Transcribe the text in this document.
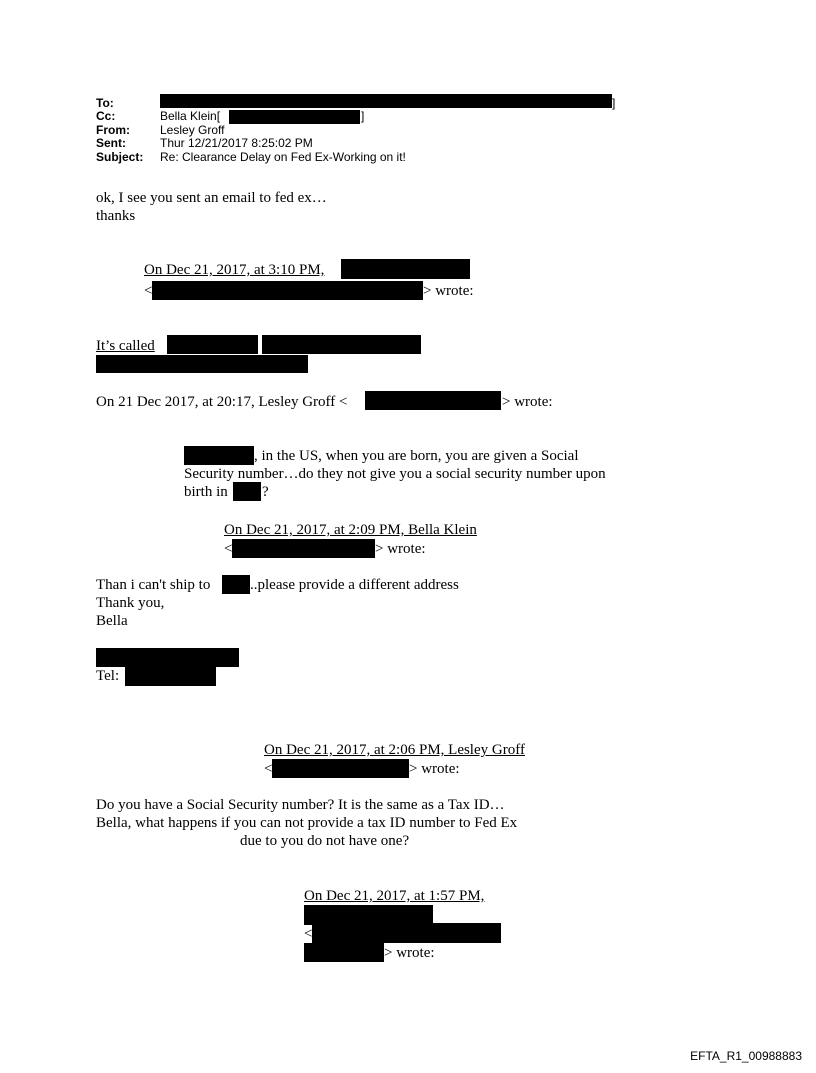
To:	]
Cc:	Bella Klein[	]
From:	Lesley Groff
Sent:	Thur 12/21/2017 8:25:02 PM
Subject: Re: Clearance Delay on Fed Ex-Working on it!
ok, I see you sent an email to fed ex…
thanks
On Dec 21, 2017, at 3:10 PM,
<	> wrote:
It’s called
On 21 Dec 2017, at 20:17, Lesley Groff <	> wrote:
, in the US, when you are born, you are given a Social
Security number…do they not give you a social security number upon
birth in ?
On Dec 21, 2017, at 2:09 PM, Bella Klein
<	> wrote:
Than i can't ship to	..please provide a different address
Thank you,
Bella
Tel:
On Dec 21, 2017, at 2:06 PM, Lesley Groff
<	> wrote:
Do you have a Social Security number? It is the same as a Tax ID…
Bella, what happens if you can not provide a tax ID number to Fed Ex
due to you do not have one?
On Dec 21, 2017, at 1:57 PM,
<
> wrote:
EFTA_R1_00988883
